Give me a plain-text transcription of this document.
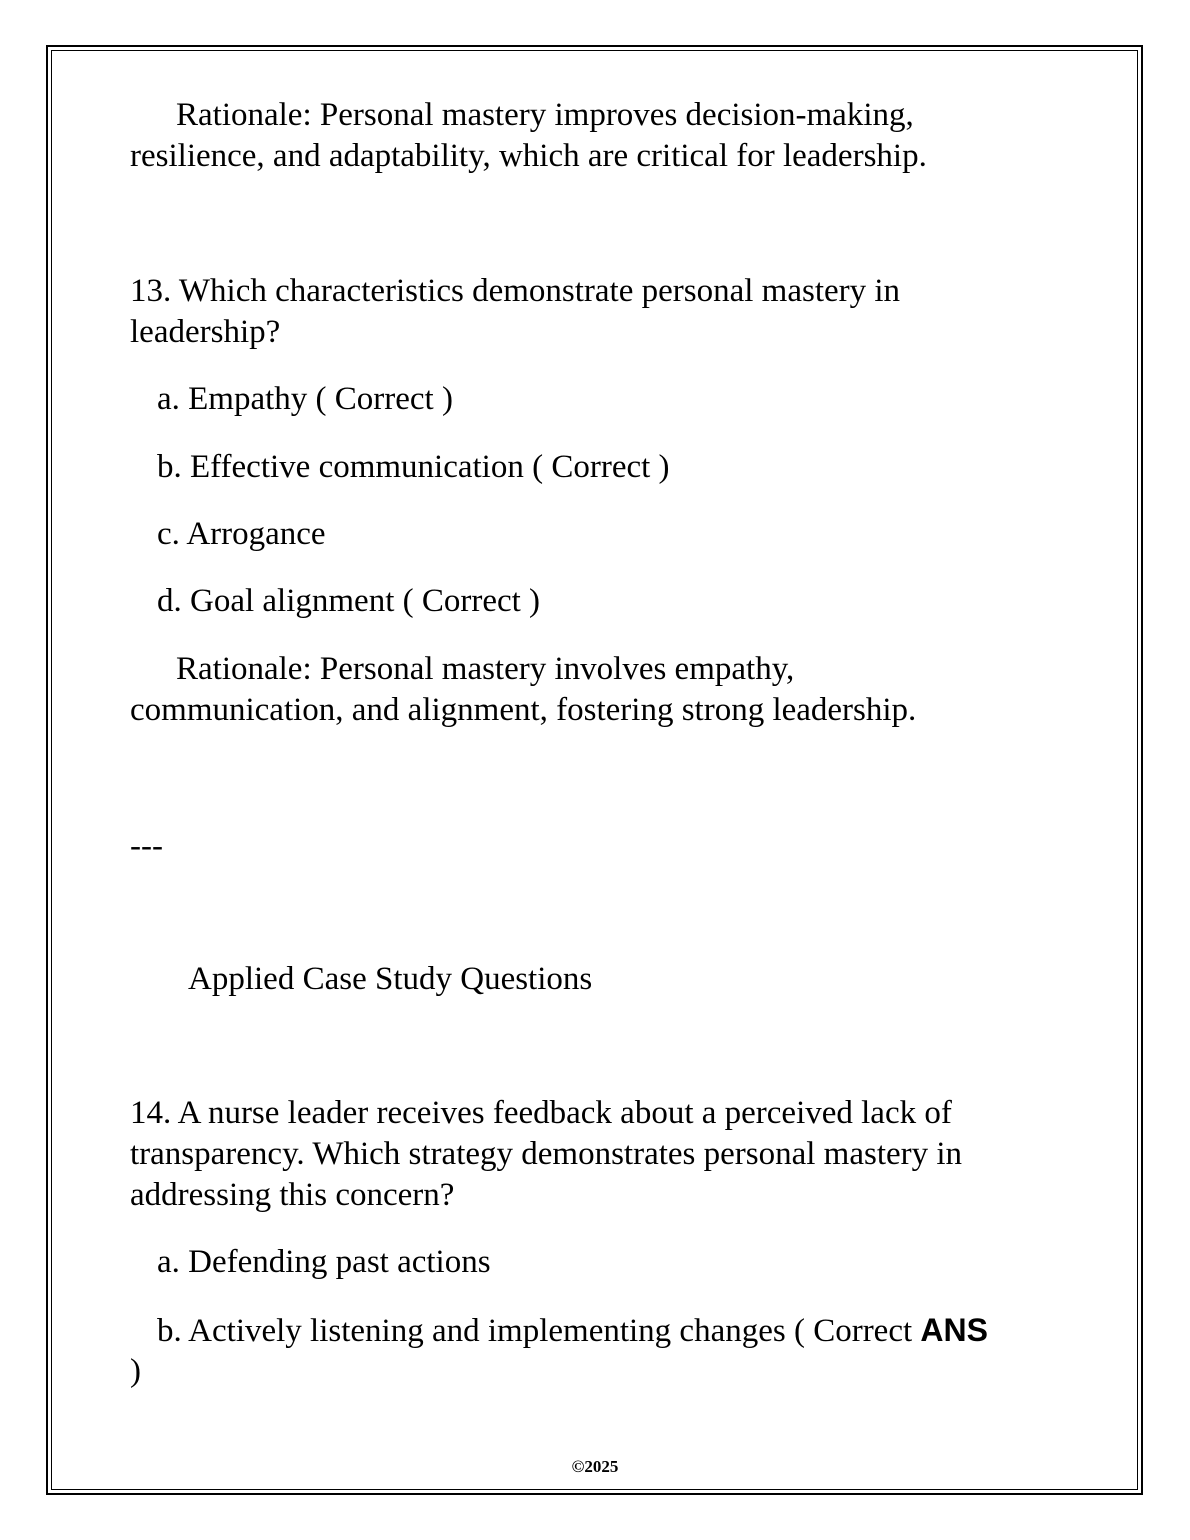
Rationale: Personal mastery improves decision-making,

resilience, and adaptability, which are critical for leadership.

13. Which characteristics demonstrate personal mastery in

leadership?

a. Empathy ( Correct )

b. Effective communication ( Correct )

c. Arrogance

d. Goal alignment ( Correct )

Rationale: Personal mastery involves empathy,

communication, and alignment, fostering strong leadership.

---

Applied Case Study Questions

14. A nurse leader receives feedback about a perceived lack of

transparency. Which strategy demonstrates personal mastery in

addressing this concern?

a. Defending past actions

b. Actively listening and implementing changes ( Correct ANS

)

©2025
